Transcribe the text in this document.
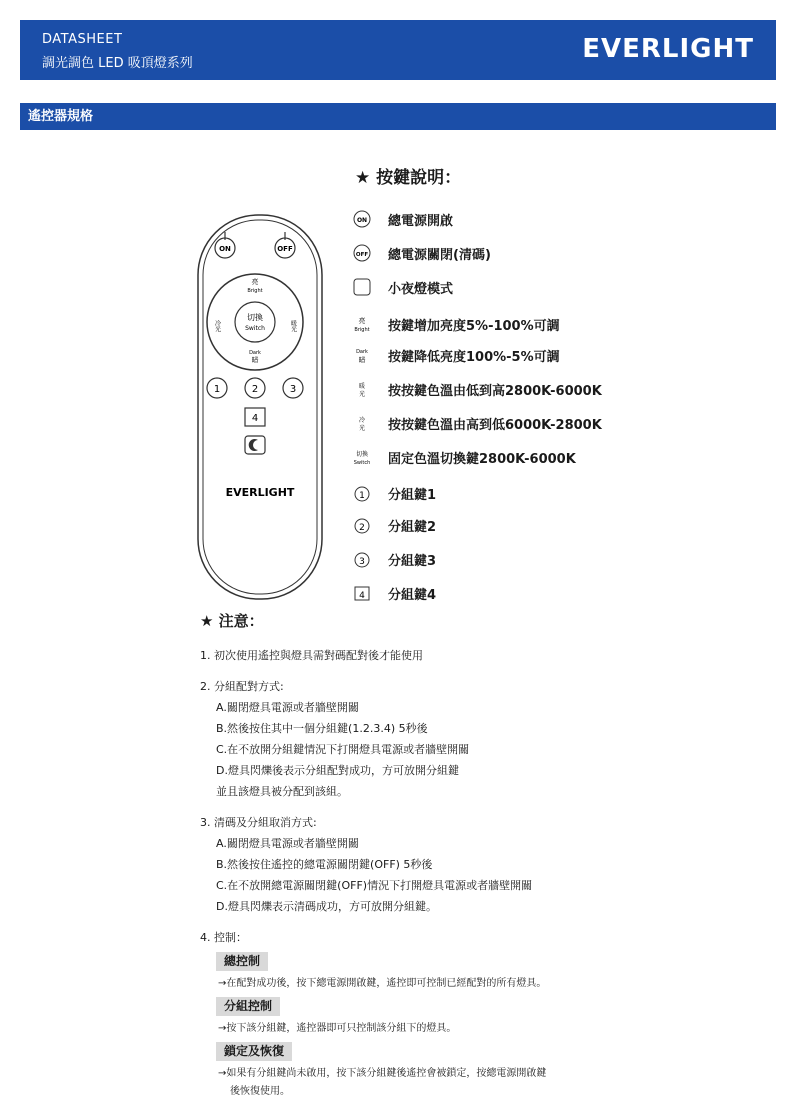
DATASHEET
調光調色 LED 吸頂燈系列	EVERLIGHT
遙控器規格
ON	OFF
切換
Switch
亮
Bright
Dark
暗
冷光	暖光
1	2	3
4
EVERLIGHT
★ 按鍵說明：
ON 總電源開啟
OFF 總電源關閉(清碼)
小夜燈模式
亮
Bright 按鍵增加亮度5%-100%可調
Dark
暗 按鍵降低亮度100%-5%可調
暖
光 按按鍵色溫由低到高2800K-6000K
冷
光 按按鍵色溫由高到低6000K-2800K
切換
Switch 固定色溫切換鍵2800K-6000K
1 分組鍵1
2 分組鍵2
3 分組鍵3
4 分組鍵4
★ 注意：
1. 初次使用遙控與燈具需對碼配對後才能使用
2. 分組配對方式:
A.關閉燈具電源或者牆壁開關
B.然後按住其中一個分組鍵(1.2.3.4) 5秒後
C.在不放開分組鍵情況下打開燈具電源或者牆壁開關
D.燈具閃爍後表示分組配對成功，方可放開分組鍵
並且該燈具被分配到該組。
3. 清碼及分組取消方式:
A.關閉燈具電源或者牆壁開關
B.然後按住遙控的總電源關閉鍵(OFF) 5秒後
C.在不放開總電源關閉鍵(OFF)情況下打開燈具電源或者牆壁開關
D.燈具閃爍表示清碼成功，方可放開分組鍵。
4. 控制：
總控制
→在配對成功後，按下總電源開啟鍵，遙控即可控制已經配對的所有燈具。
分組控制
→按下該分組鍵，遙控器即可只控制該分組下的燈具。
鎖定及恢復
→如果有分組鍵尚未啟用，按下該分組鍵後遙控會被鎖定，按總電源開啟鍵
後恢復使用。
